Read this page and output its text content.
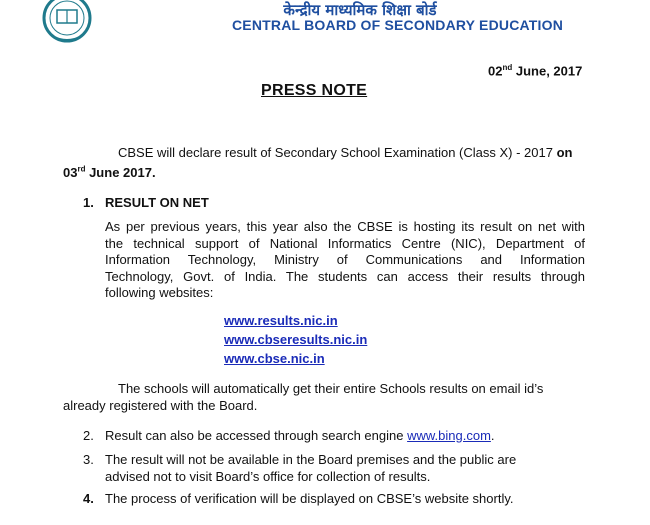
केन्द्रीय माध्यमिक शिक्षा बोर्ड
CENTRAL BOARD OF SECONDARY EDUCATION
02nd June, 2017
PRESS NOTE
CBSE will declare result of Secondary School Examination (Class X) - 2017 on
03rd June 2017.
1. RESULT ON NET
As per previous years, this year also the CBSE is hosting its result on net with
the technical support of National Informatics Centre (NIC), Department of
Information Technology, Ministry of Communications and Information
Technology, Govt. of India. The students can access their results through
following websites:
www.results.nic.in
www.cbseresults.nic.in
www.cbse.nic.in
The schools will automatically get their entire Schools results on email id’s
already registered with the Board.
2. Result can also be accessed through search engine www.bing.com.
3. The result will not be available in the Board premises and the public are
advised not to visit Board’s office for collection of results.
4. The process of verification will be displayed on CBSE’s website shortly.
